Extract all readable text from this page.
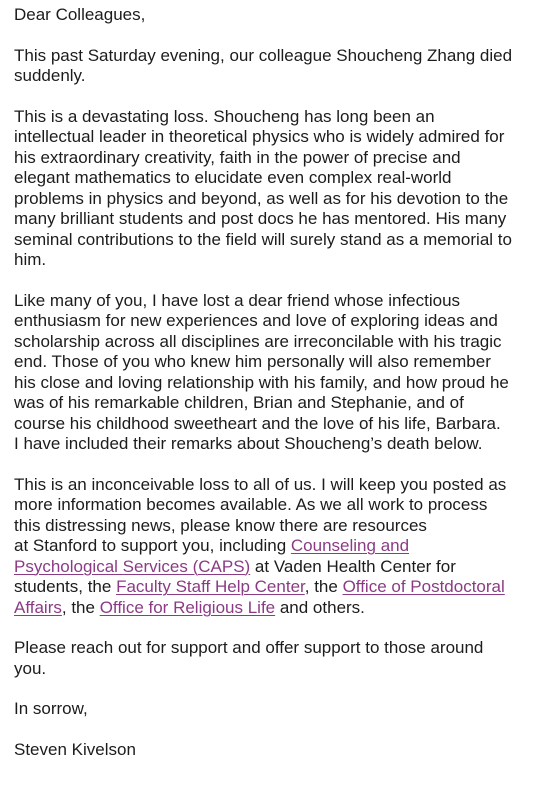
Dear Colleagues,
This past Saturday evening, our colleague Shoucheng Zhang died
suddenly.
This is a devastating loss. Shoucheng has long been an
intellectual leader in theoretical physics who is widely admired for
his extraordinary creativity, faith in the power of precise and
elegant mathematics to elucidate even complex real-world
problems in physics and beyond, as well as for his devotion to the
many brilliant students and post docs he has mentored. His many
seminal contributions to the field will surely stand as a memorial to
him.
Like many of you, I have lost a dear friend whose infectious
enthusiasm for new experiences and love of exploring ideas and
scholarship across all disciplines are irreconcilable with his tragic
end. Those of you who knew him personally will also remember
his close and loving relationship with his family, and how proud he
was of his remarkable children, Brian and Stephanie, and of
course his childhood sweetheart and the love of his life, Barbara.
I have included their remarks about Shoucheng’s death below.
This is an inconceivable loss to all of us. I will keep you posted as
more information becomes available. As we all work to process
this distressing news, please know there are resources
at Stanford to support you, including Counseling and
Psychological Services (CAPS) at Vaden Health Center for
students, the Faculty Staff Help Center, the Office of Postdoctoral
Affairs, the Office for Religious Life and others.
Please reach out for support and offer support to those around
you.
In sorrow,
Steven Kivelson
